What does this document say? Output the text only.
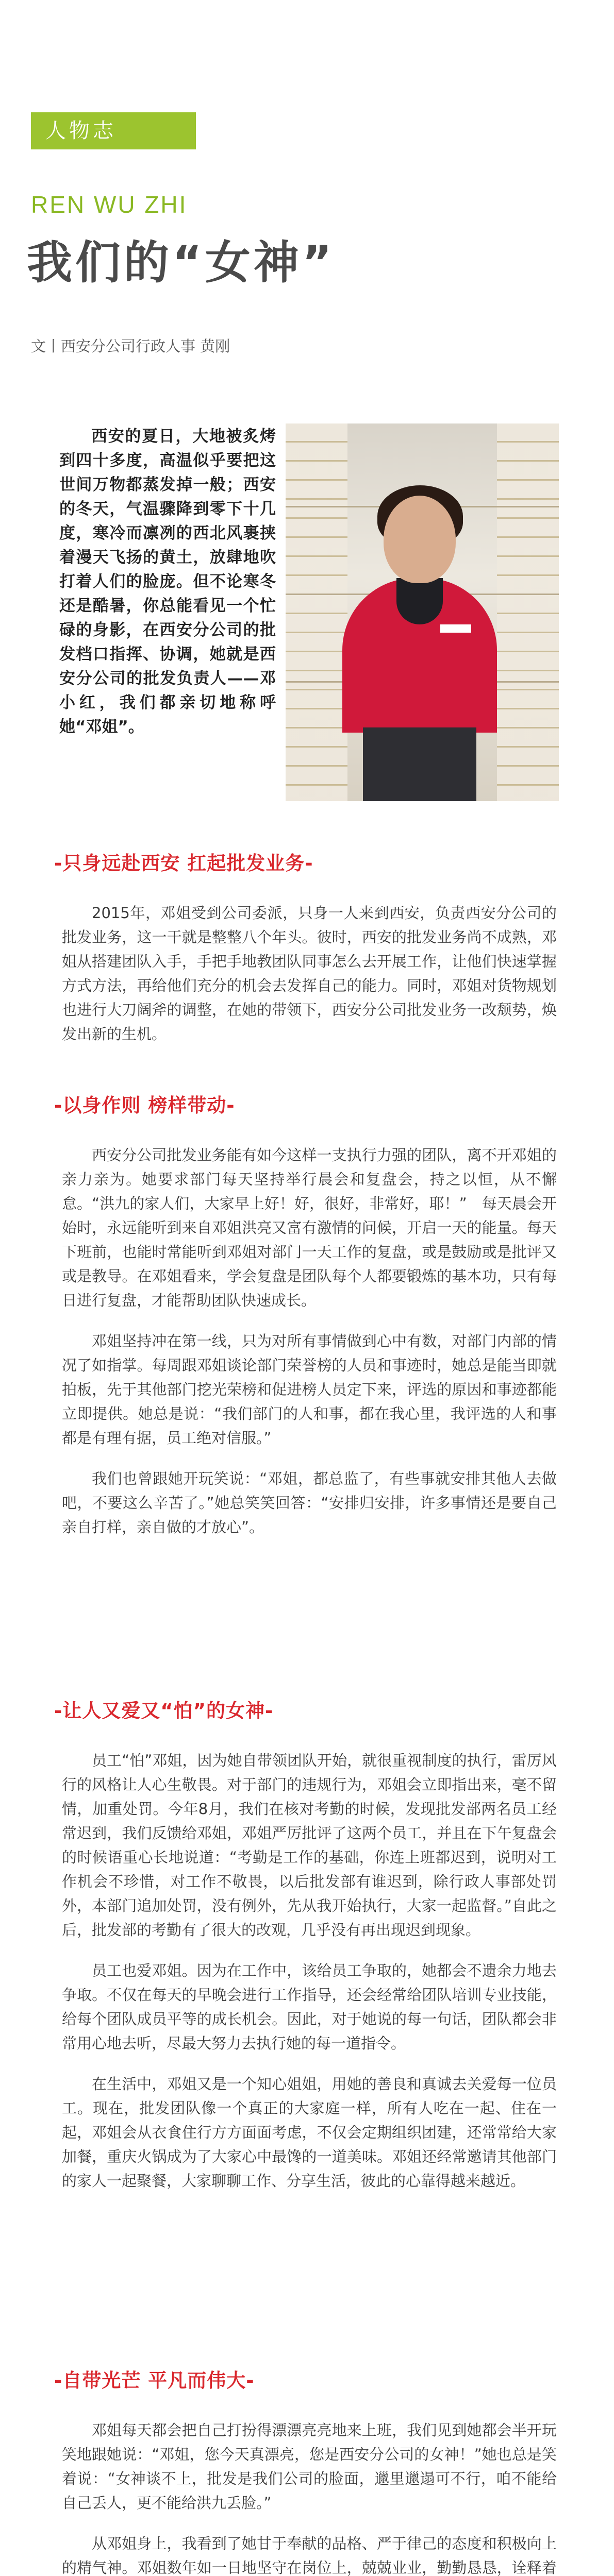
人物志
REN WU ZHI
我们的“女神”
文丨西安分公司行政人事 黄刚

西安的夏日，大地被炙烤到四十多度，高温似乎要把这世间万物都蒸发掉一般；西安的冬天，气温骤降到零下十几度，寒冷而凛冽的西北风裹挟着漫天飞扬的黄土，放肆地吹打着人们的脸庞。但不论寒冬还是酷暑，你总能看见一个忙碌的身影，在西安分公司的批发档口指挥、协调，她就是西安分公司的批发负责人——邓小红，我们都亲切地称呼她“邓姐”。

-只身远赴西安 扛起批发业务-

2015年，邓姐受到公司委派，只身一人来到西安，负责西安分公司的批发业务，这一干就是整整八个年头。彼时，西安的批发业务尚不成熟，邓姐从搭建团队入手，手把手地教团队同事怎么去开展工作，让他们快速掌握方式方法，再给他们充分的机会去发挥自己的能力。同时，邓姐对货物规划也进行大刀阔斧的调整，在她的带领下，西安分公司批发业务一改颓势，焕发出新的生机。

-以身作则 榜样带动-

西安分公司批发业务能有如今这样一支执行力强的团队，离不开邓姐的亲力亲为。她要求部门每天坚持举行晨会和复盘会，持之以恒，从不懈怠。“洪九的家人们，大家早上好！好，很好，非常好，耶！”　每天晨会开始时，永远能听到来自邓姐洪亮又富有激情的问候，开启一天的能量。每天下班前，也能时常能听到邓姐对部门一天工作的复盘，或是鼓励或是批评又或是教导。在邓姐看来，学会复盘是团队每个人都要锻炼的基本功，只有每日进行复盘，才能帮助团队快速成长。

邓姐坚持冲在第一线，只为对所有事情做到心中有数，对部门内部的情况了如指掌。每周跟邓姐谈论部门荣誉榜的人员和事迹时，她总是能当即就拍板，先于其他部门挖光荣榜和促进榜人员定下来，评选的原因和事迹都能立即提供。她总是说：“我们部门的人和事，都在我心里，我评选的人和事都是有理有据，员工绝对信服。”

我们也曾跟她开玩笑说：“邓姐，都总监了，有些事就安排其他人去做吧，不要这么辛苦了。”她总笑笑回答：“安排归安排，许多事情还是要自己亲自打样，亲自做的才放心”。

-让人又爱又“怕”的女神-

员工“怕”邓姐，因为她自带领团队开始，就很重视制度的执行，雷厉风行的风格让人心生敬畏。对于部门的违规行为，邓姐会立即指出来，毫不留情，加重处罚。今年8月，我们在核对考勤的时候，发现批发部两名员工经常迟到，我们反馈给邓姐，邓姐严厉批评了这两个员工，并且在下午复盘会的时候语重心长地说道：“考勤是工作的基础，你连上班都迟到，说明对工作机会不珍惜，对工作不敬畏，以后批发部有谁迟到，除行政人事部处罚外，本部门追加处罚，没有例外，先从我开始执行，大家一起监督。”自此之后，批发部的考勤有了很大的改观，几乎没有再出现迟到现象。

员工也爱邓姐。因为在工作中，该给员工争取的，她都会不遗余力地去争取。不仅在每天的早晚会进行工作指导，还会经常给团队培训专业技能，给每个团队成员平等的成长机会。因此，对于她说的每一句话，团队都会非常用心地去听，尽最大努力去执行她的每一道指令。

在生活中，邓姐又是一个知心姐姐，用她的善良和真诚去关爱每一位员工。现在，批发团队像一个真正的大家庭一样，所有人吃在一起、住在一起，邓姐会从衣食住行方方面面考虑，不仅会定期组织团建，还常常给大家加餐，重庆火锅成为了大家心中最馋的一道美味。邓姐还经常邀请其他部门的家人一起聚餐，大家聊聊工作、分享生活，彼此的心靠得越来越近。

-自带光芒 平凡而伟大-

邓姐每天都会把自己打扮得漂漂亮亮地来上班，我们见到她都会半开玩笑地跟她说：“邓姐，您今天真漂亮，您是西安分公司的女神！”她也总是笑着说：“女神谈不上，批发是我们公司的脸面，邋里邋遢可不行，咱不能给自己丢人，更不能给洪九丢脸。”

从邓姐身上，我看到了她甘于奉献的品格、严于律己的态度和积极向上的精气神。邓姐数年如一日地坚守在岗位上，兢兢业业，勤勤恳恳，诠释着
